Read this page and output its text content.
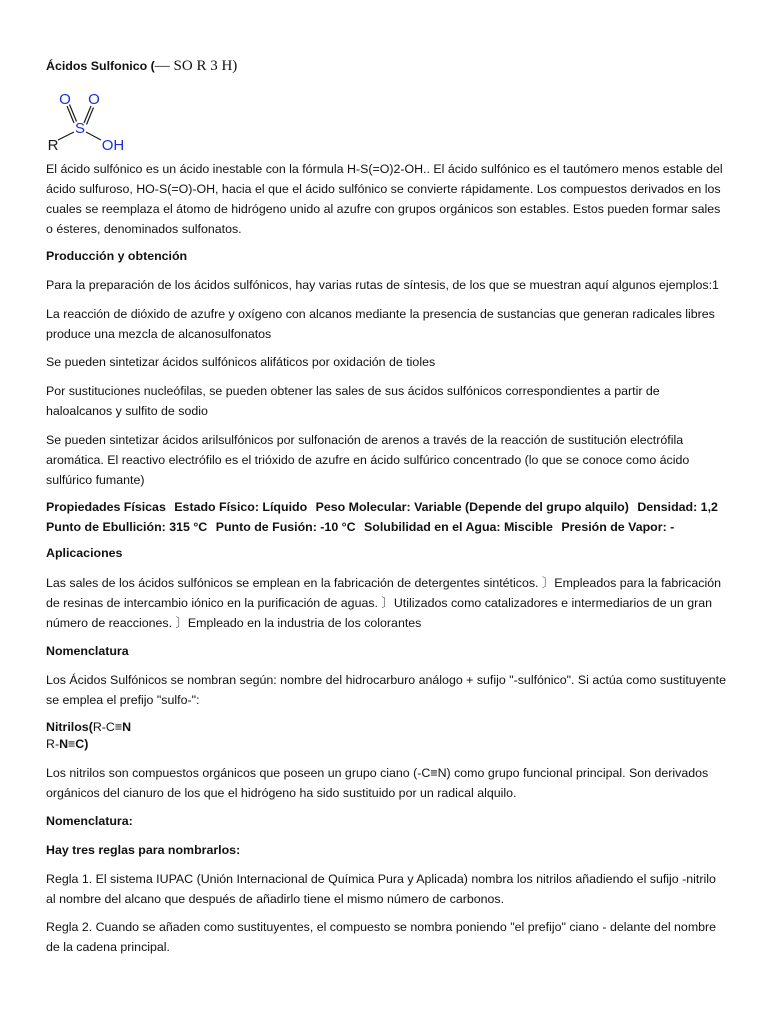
Ácidos Sulfonico (— SO R 3 H)

O O
S
R	OH

El ácido sulfónico es un ácido inestable con la fórmula H-S(=O)2-OH.. El ácido sulfónico es el tautómero menos estable del ácido sulfuroso, HO-S(=O)-OH, hacia el que el ácido sulfónico se convierte rápidamente. Los compuestos derivados en los cuales se reemplaza el átomo de hidrógeno unido al azufre con grupos orgánicos son estables. Estos pueden formar sales o ésteres, denominados sulfonatos.

Producción y obtención

Para la preparación de los ácidos sulfónicos, hay varias rutas de síntesis, de los que se muestran aquí algunos ejemplos:1

La reacción de dióxido de azufre y oxígeno con alcanos mediante la presencia de sustancias que generan radicales libres produce una mezcla de alcanosulfonatos

Se pueden sintetizar ácidos sulfónicos alifáticos por oxidación de tioles

Por sustituciones nucleófilas, se pueden obtener las sales de sus ácidos sulfónicos correspondientes a partir de haloalcanos y sulfito de sodio

Se pueden sintetizar ácidos arilsulfónicos por sulfonación de arenos a través de la reacción de sustitución electrófila aromática. El reactivo electrófilo es el trióxido de azufre en ácido sulfúrico concentrado (lo que se conoce como ácido sulfúrico fumante)

Propiedades Físicas Estado Físico: Líquido Peso Molecular: Variable (Depende del grupo alquilo) Densidad: 1,2 Punto de Ebullición: 315 °C Punto de Fusión: -10 °C Solubilidad en el Agua: Miscible Presión de Vapor: -

Aplicaciones

Las sales de los ácidos sulfónicos se emplean en la fabricación de detergentes sintéticos. 〕Empleados para la fabricación de resinas de intercambio iónico en la purificación de aguas. 〕Utilizados como catalizadores e intermediarios de un gran número de reacciones. 〕Empleado en la industria de los colorantes

Nomenclatura

Los Ácidos Sulfónicos se nombran según: nombre del hidrocarburo análogo + sufijo "-sulfónico". Si actúa como sustituyente se emplea el prefijo "sulfo-":

Nitrilos(R-C≡N
R-N≡C)

Los nitrilos son compuestos orgánicos que poseen un grupo ciano (-C≡N) como grupo funcional principal. Son derivados orgánicos del cianuro de los que el hidrógeno ha sido sustituido por un radical alquilo.

Nomenclatura:

Hay tres reglas para nombrarlos:

Regla 1. El sistema IUPAC (Unión Internacional de Química Pura y Aplicada) nombra los nitrilos añadiendo el sufijo -nitrilo al nombre del alcano que después de añadirlo tiene el mismo número de carbonos.

Regla 2. Cuando se añaden como sustituyentes, el compuesto se nombra poniendo "el prefijo" ciano - delante del nombre de la cadena principal.
